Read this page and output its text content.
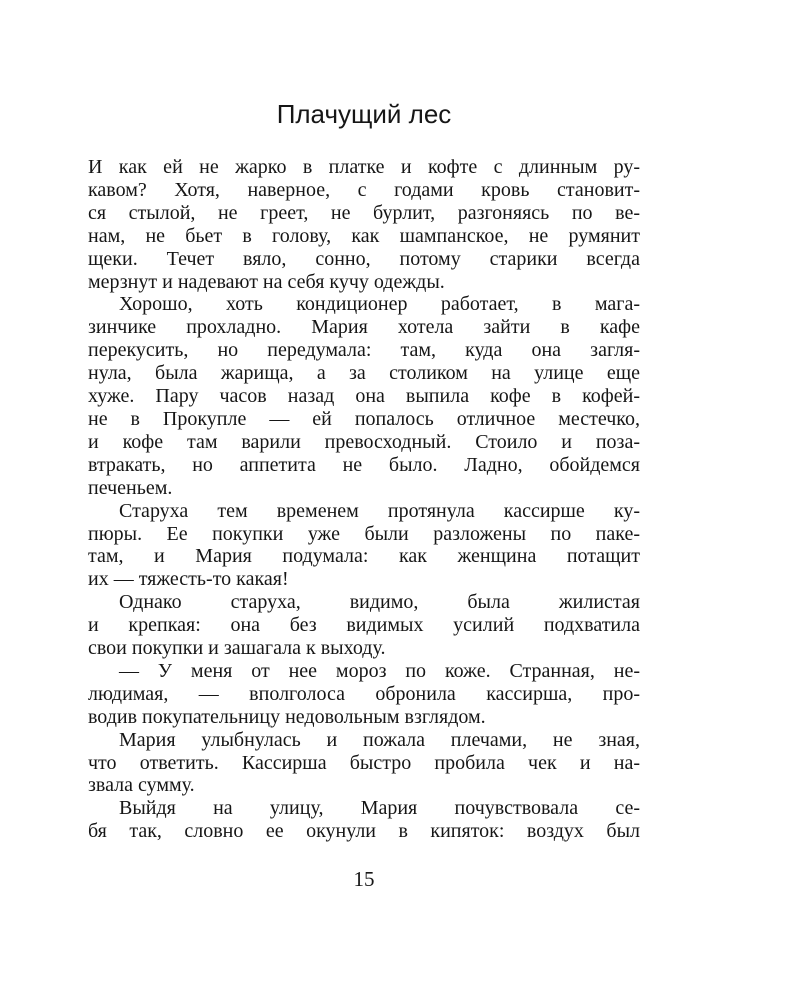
Плачущий лес

И как ей не жарко в платке и кофте с длинным ру-
кавом? Хотя, наверное, с годами кровь становит-
ся стылой, не греет, не бурлит, разгоняясь по ве-
нам, не бьет в голову, как шампанское, не румянит
щеки. Течет вяло, сонно, потому старики всегда
мерзнут и надевают на себя кучу одежды.

Хорошо, хоть кондиционер работает, в мага-
зинчике прохладно. Мария хотела зайти в кафе
перекусить, но передумала: там, куда она загля-
нула, была жарища, а за столиком на улице еще
хуже. Пару часов назад она выпила кофе в кофей-
не в Прокупле — ей попалось отличное местечко,
и кофе там варили превосходный. Стоило и поза-
втракать, но аппетита не было. Ладно, обойдемся
печеньем.

Старуха тем временем протянула кассирше ку-
пюры. Ее покупки уже были разложены по паке-
там, и Мария подумала: как женщина потащит
их — тяжесть-то какая!

Однако старуха, видимо, была жилистая
и крепкая: она без видимых усилий подхватила
свои покупки и зашагала к выходу.

— У меня от нее мороз по коже. Странная, не-
людимая, — вполголоса обронила кассирша, про-
водив покупательницу недовольным взглядом.

Мария улыбнулась и пожала плечами, не зная,
что ответить. Кассирша быстро пробила чек и на-
звала сумму.

Выйдя на улицу, Мария почувствовала се-
бя так, словно ее окунули в кипяток: воздух был

15
